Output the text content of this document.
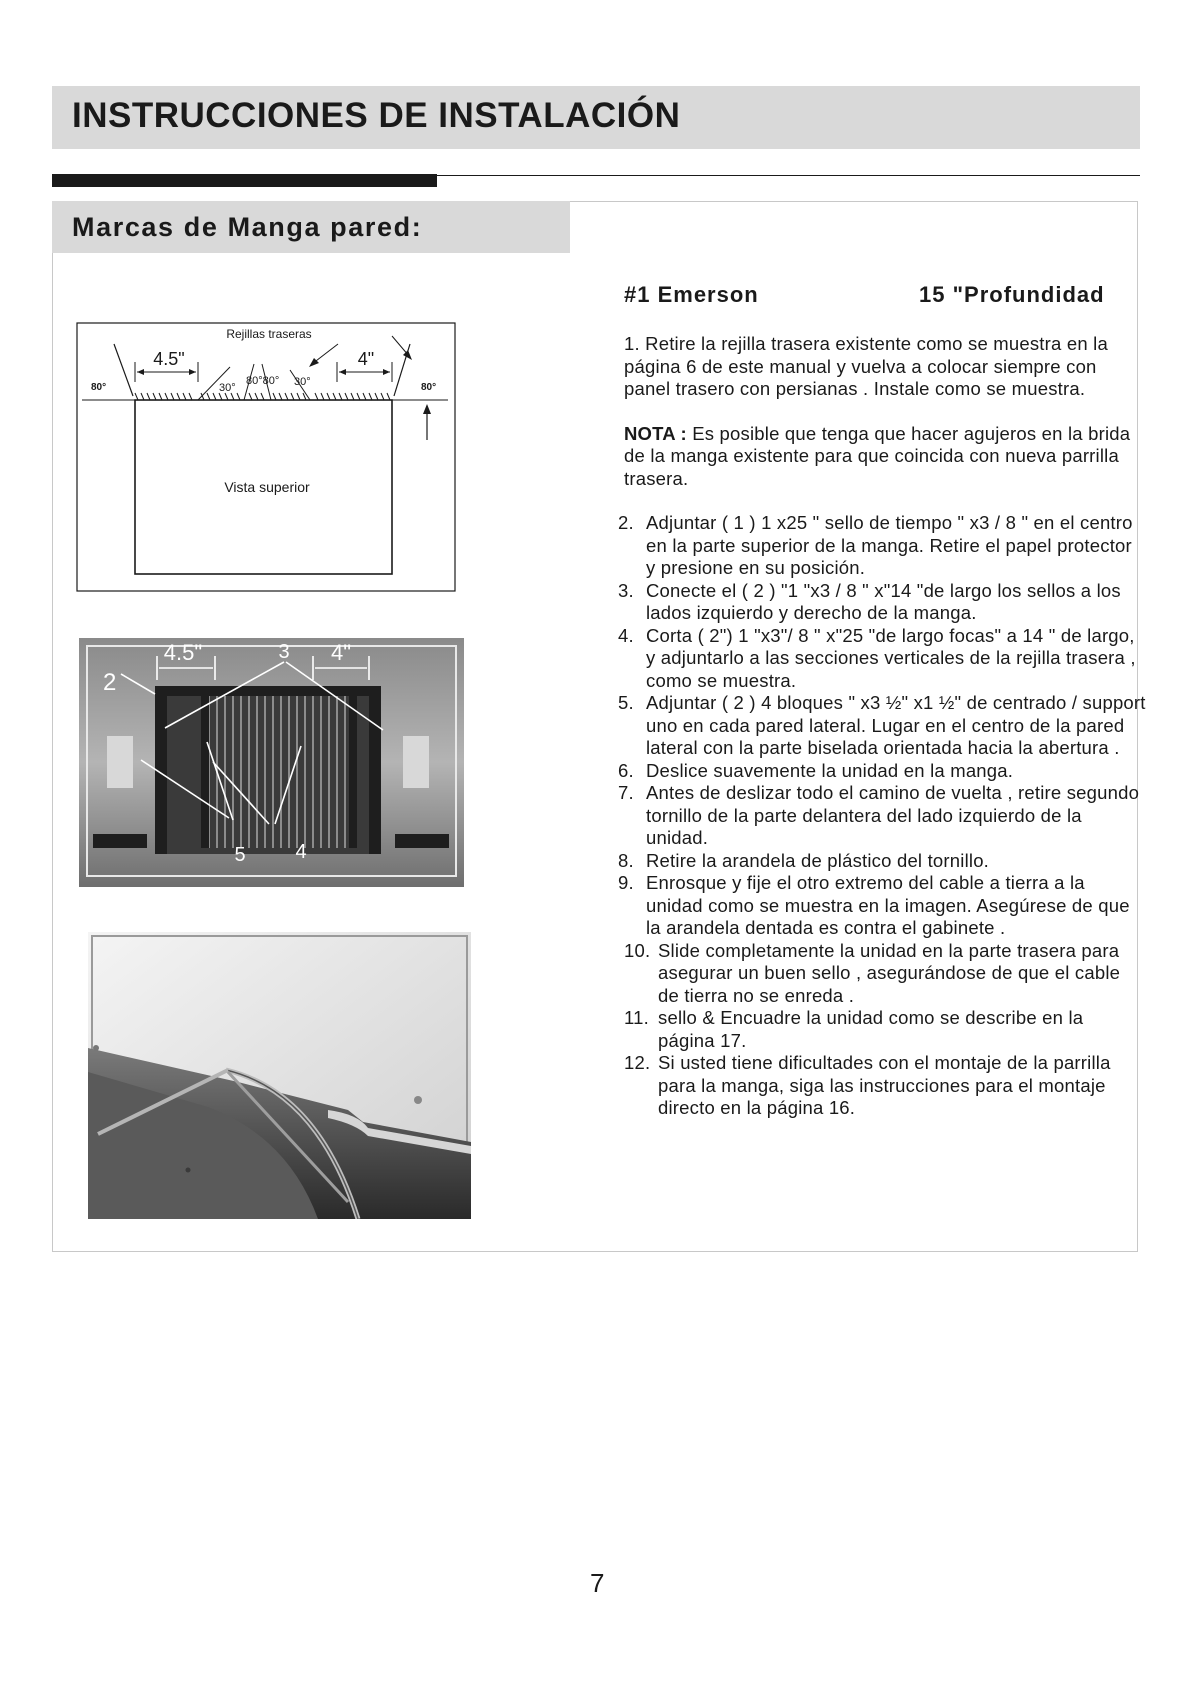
INSTRUCCIONES DE INSTALACIÓN
Marcas de Manga pared:
Rejillas traseras
Vista superior
4.5"	4"
80°	80°
30°
80°80° 30°
4.5"	4"
2
3
5 4
#1 Emerson	15 "Profundidad

1. Retire la rejilla trasera existente como se muestra en la página 6 de este manual y vuelva a colocar siempre con panel trasero con persianas . Instale como se muestra.

NOTA : Es posible que tenga que hacer agujeros en la brida de la manga existente para que coincida con nueva parrilla trasera.

2. Adjuntar ( 1 ) 1 x25 " sello de tiempo " x3 / 8 " en el centro en la parte superior de la manga. Retire el papel protector y presione en su posición.
3. Conecte el ( 2 ) "1 "x3 / 8 " x"14 "de largo los sellos a los lados izquierdo y derecho de la manga.
4. Corta ( 2") 1 "x3"/ 8 " x"25 "de largo focas" a 14 " de largo, y adjuntarlo a las secciones verticales de la rejilla trasera , como se muestra.
5. Adjuntar ( 2 ) 4 bloques " x3 ½" x1 ½" de centrado / support uno en cada pared lateral. Lugar en el centro de la pared lateral con la parte biselada orientada hacia la abertura .
6. Deslice suavemente la unidad en la manga.
7. Antes de deslizar todo el camino de vuelta , retire segundo tornillo de la parte delantera del lado izquierdo de la unidad.
8. Retire la arandela de plástico del tornillo.
9. Enrosque y fije el otro extremo del cable a tierra a la unidad como se muestra en la imagen. Asegúrese de que la arandela dentada es contra el gabinete .
10. Slide completamente la unidad en la parte trasera para asegurar un buen sello , asegurándose de que el cable de tierra no se enreda .
11. sello & Encuadre la unidad como se describe en la página 17.
12. Si usted tiene dificultades con el montaje de la parrilla para la manga, siga las instrucciones para el montaje directo en la página 16.
7
